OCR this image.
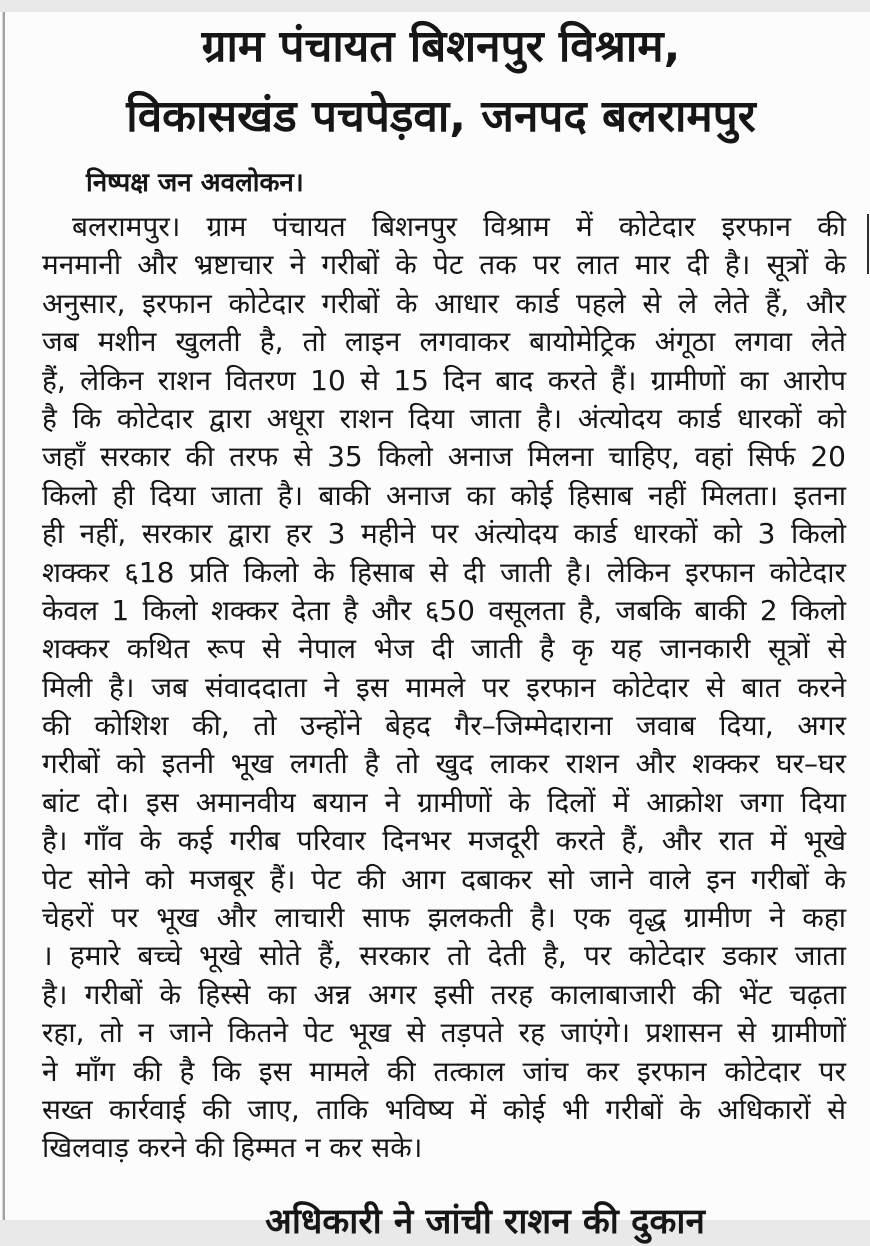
ग्राम पंचायत बिशनपुर विश्राम,
विकासखंड पचपेड़वा, जनपद बलरामपुर
निष्पक्ष जन अवलोकन।
बलरामपुर। ग्राम पंचायत बिशनपुर विश्राम में कोटेदार इरफान की
मनमानी और भ्रष्टाचार ने गरीबों के पेट तक पर लात मार दी है। सूत्रों के
अनुसार, इरफान कोटेदार गरीबों के आधार कार्ड पहले से ले लेते हैं, और
जब मशीन खुलती है, तो लाइन लगवाकर बायोमेट्रिक अंगूठा लगवा लेते
हैं, लेकिन राशन वितरण 10 से 15 दिन बाद करते हैं। ग्रामीणों का आरोप
है कि कोटेदार द्वारा अधूरा राशन दिया जाता है। अंत्योदय कार्ड धारकों को
जहाँ सरकार की तरफ से 35 किलो अनाज मिलना चाहिए, वहां सिर्फ 20
किलो ही दिया जाता है। बाकी अनाज का कोई हिसाब नहीं मिलता। इतना
ही नहीं, सरकार द्वारा हर 3 महीने पर अंत्योदय कार्ड धारकों को 3 किलो
शक्कर ६18 प्रति किलो के हिसाब से दी जाती है। लेकिन इरफान कोटेदार
केवल 1 किलो शक्कर देता है और ६50 वसूलता है, जबकि बाकी 2 किलो
शक्कर कथित रूप से नेपाल भेज दी जाती है कृ यह जानकारी सूत्रों से
मिली है। जब संवाददाता ने इस मामले पर इरफान कोटेदार से बात करने
की कोशिश की, तो उन्होंने बेहद गैर–जिम्मेदाराना जवाब दिया, अगर
गरीबों को इतनी भूख लगती है तो खुद लाकर राशन और शक्कर घर–घर
बांट दो। इस अमानवीय बयान ने ग्रामीणों के दिलों में आक्रोश जगा दिया
है। गाँव के कई गरीब परिवार दिनभर मजदूरी करते हैं, और रात में भूखे
पेट सोने को मजबूर हैं। पेट की आग दबाकर सो जाने वाले इन गरीबों के
चेहरों पर भूख और लाचारी साफ झलकती है। एक वृद्ध ग्रामीण ने कहा
। हमारे बच्चे भूखे सोते हैं, सरकार तो देती है, पर कोटेदार डकार जाता
है। गरीबों के हिस्से का अन्न अगर इसी तरह कालाबाजारी की भेंट चढ़ता
रहा, तो न जाने कितने पेट भूख से तड़पते रह जाएंगे। प्रशासन से ग्रामीणों
ने माँग की है कि इस मामले की तत्काल जांच कर इरफान कोटेदार पर
सख्त कार्रवाई की जाए, ताकि भविष्य में कोई भी गरीबों के अधिकारों से
खिलवाड़ करने की हिम्मत न कर सके।
अधिकारी ने जांची राशन की दुकान
